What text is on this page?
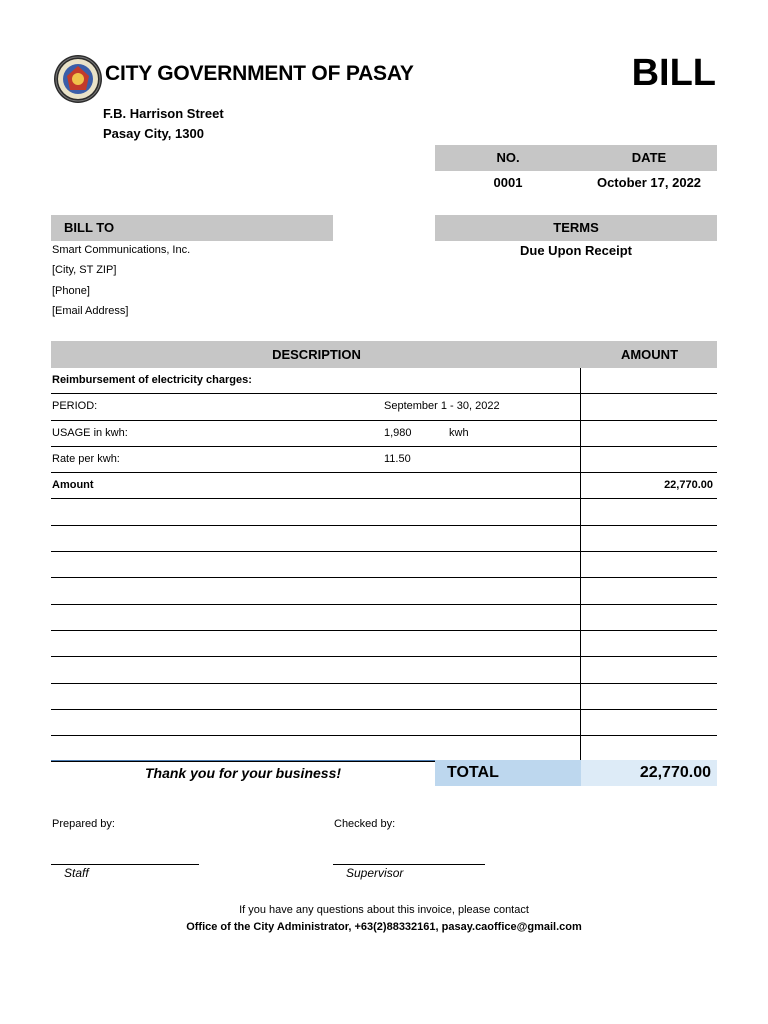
CITY GOVERNMENT OF PASAY	BILL
F.B. Harrison Street
Pasay City, 1300
NO.	DATE
0001	October 17, 2022
BILL TO
Smart Communications, Inc.
[City, ST ZIP]
[Phone]
[Email Address]
TERMS
Due Upon Receipt
DESCRIPTION	AMOUNT
Reimbursement of electricity charges:
PERIOD:	September 1 - 30, 2022
USAGE in kwh:	1,980	kwh
Rate per kwh:	11.50
Amount	22,770.00
Thank you for your business!	TOTAL	22,770.00
Prepared by:	Checked by:
Staff	Supervisor
If you have any questions about this invoice, please contact
Office of the City Administrator, +63(2)88332161, pasay.caoffice@gmail.com
